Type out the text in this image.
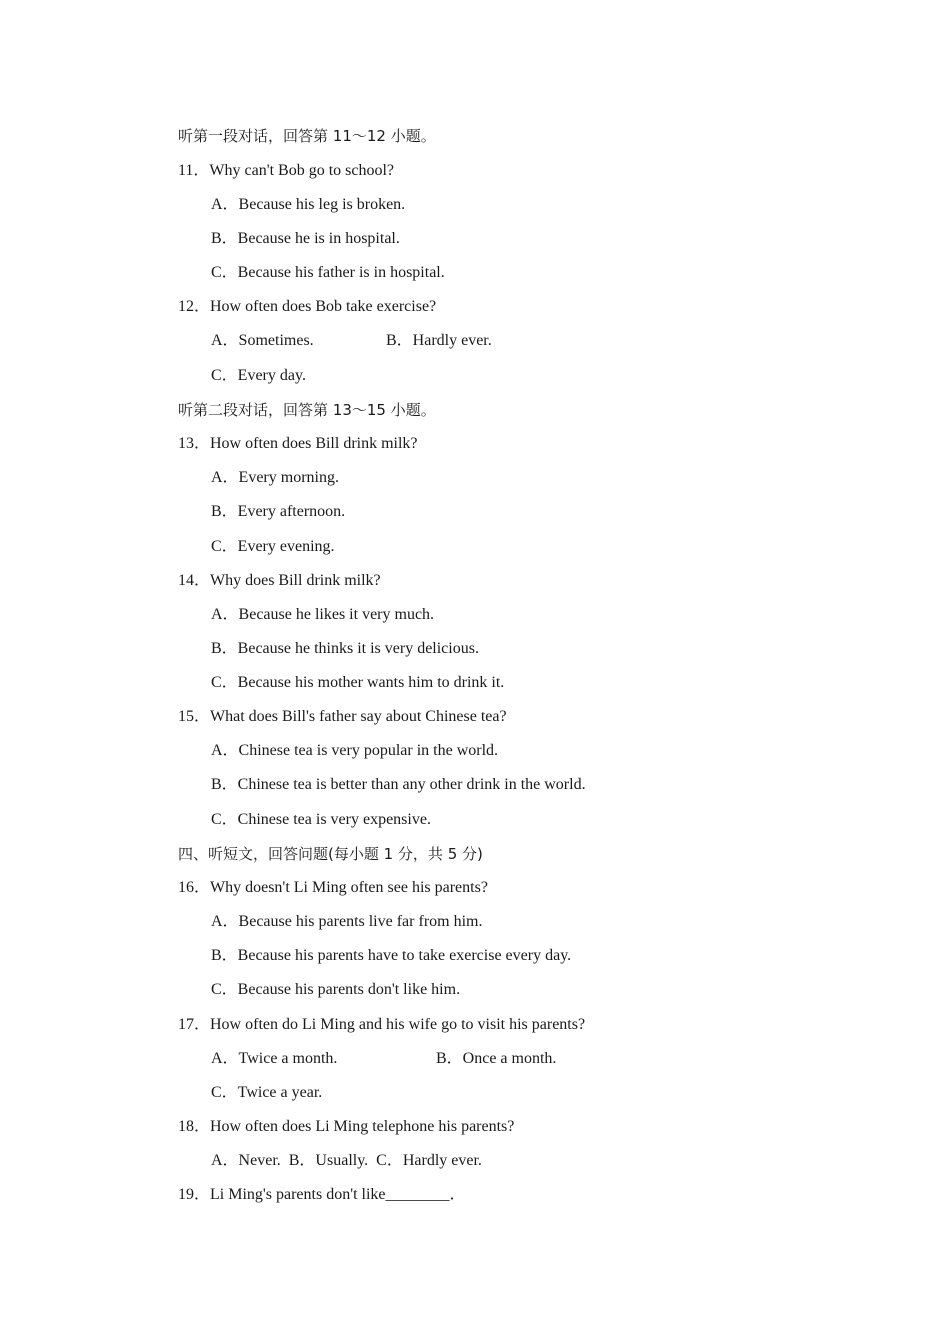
听第一段对话，回答第 11～12 小题。
11．Why can't Bob go to school?
A．Because his leg is broken.
B．Because he is in hospital.
C．Because his father is in hospital.
12．How often does Bob take exercise?
A．Sometimes.	B．Hardly ever.
C．Every day.
听第二段对话，回答第 13～15 小题。
13．How often does Bill drink milk?
A．Every morning.
B．Every afternoon.
C．Every evening.
14．Why does Bill drink milk?
A．Because he likes it very much.
B．Because he thinks it is very delicious.
C．Because his mother wants him to drink it.
15．What does Bill's father say about Chinese tea?
A．Chinese tea is very popular in the world.
B．Chinese tea is better than any other drink in the world.
C．Chinese tea is very expensive.
四、听短文，回答问题(每小题 1 分，共 5 分)
16．Why doesn't Li Ming often see his parents?
A．Because his parents live far from him.
B．Because his parents have to take exercise every day.
C．Because his parents don't like him.
17．How often do Li Ming and his wife go to visit his parents?
A．Twice a month.	B．Once a month.
C．Twice a year.
18．How often does Li Ming telephone his parents?
A．Never.  B．Usually.  C．Hardly ever.
19．Li Ming's parents don't like________．
